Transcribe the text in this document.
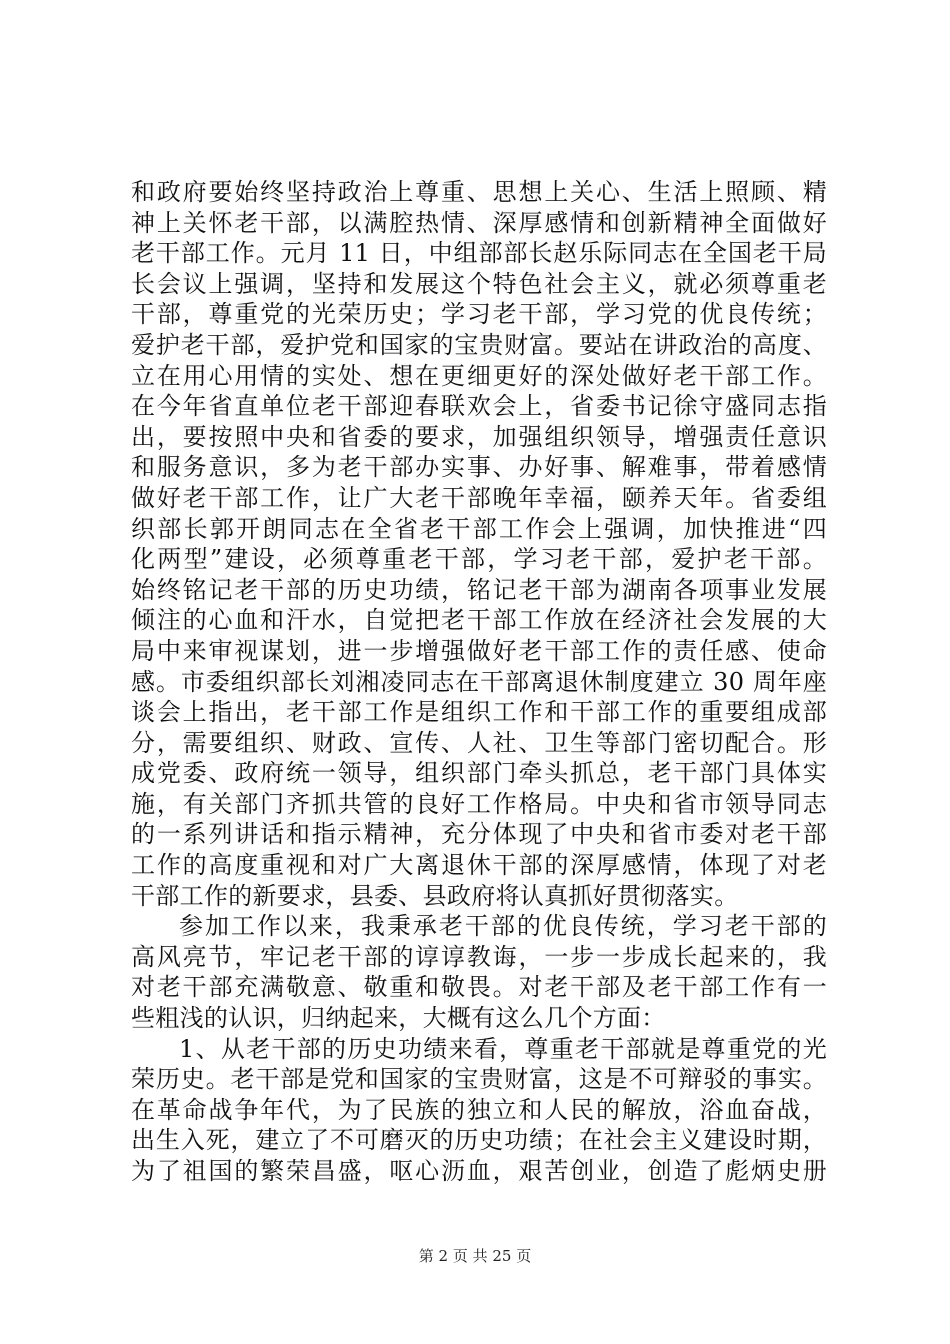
和政府要始终坚持政治上尊重、思想上关心、生活上照顾、精
神上关怀老干部，以满腔热情、深厚感情和创新精神全面做好
老干部工作。元月 11 日，中组部部长赵乐际同志在全国老干局
长会议上强调，坚持和发展这个特色社会主义，就必须尊重老
干部，尊重党的光荣历史；学习老干部，学习党的优良传统；
爱护老干部，爱护党和国家的宝贵财富。要站在讲政治的高度、
立在用心用情的实处、想在更细更好的深处做好老干部工作。
在今年省直单位老干部迎春联欢会上，省委书记徐守盛同志指
出，要按照中央和省委的要求，加强组织领导，增强责任意识
和服务意识，多为老干部办实事、办好事、解难事，带着感情
做好老干部工作，让广大老干部晚年幸福，颐养天年。省委组
织部长郭开朗同志在全省老干部工作会上强调，加快推进“四
化两型”建设，必须尊重老干部，学习老干部，爱护老干部。
始终铭记老干部的历史功绩，铭记老干部为湖南各项事业发展
倾注的心血和汗水，自觉把老干部工作放在经济社会发展的大
局中来审视谋划，进一步增强做好老干部工作的责任感、使命
感。市委组织部长刘湘凌同志在干部离退休制度建立 30 周年座
谈会上指出，老干部工作是组织工作和干部工作的重要组成部
分，需要组织、财政、宣传、人社、卫生等部门密切配合。形
成党委、政府统一领导，组织部门牵头抓总，老干部门具体实
施，有关部门齐抓共管的良好工作格局。中央和省市领导同志
的一系列讲话和指示精神，充分体现了中央和省市委对老干部
工作的高度重视和对广大离退休干部的深厚感情，体现了对老
干部工作的新要求，县委、县政府将认真抓好贯彻落实。
参加工作以来，我秉承老干部的优良传统，学习老干部的
高风亮节，牢记老干部的谆谆教诲，一步一步成长起来的，我
对老干部充满敬意、敬重和敬畏。对老干部及老干部工作有一
些粗浅的认识，归纳起来，大概有这么几个方面：
1、从老干部的历史功绩来看，尊重老干部就是尊重党的光
荣历史。老干部是党和国家的宝贵财富，这是不可辩驳的事实。
在革命战争年代，为了民族的独立和人民的解放，浴血奋战，
出生入死，建立了不可磨灭的历史功绩；在社会主义建设时期，
为了祖国的繁荣昌盛，呕心沥血，艰苦创业，创造了彪炳史册
第 2 页 共 25 页
